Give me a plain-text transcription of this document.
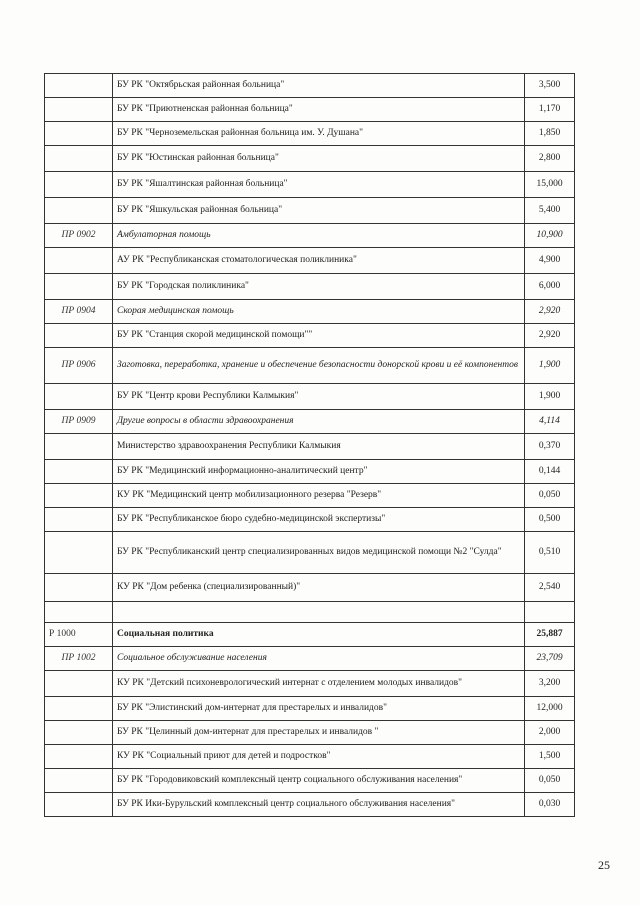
	БУ РК "Октябрьская районная больница"	3,500
	БУ РК "Приютненская районная больница"	1,170
	БУ РК "Черноземельская районная больница им. У. Душана"	1,850
	БУ РК "Юстинская районная больница"	2,800
	БУ РК "Яшалтинская районная больница"	15,000
	БУ РК "Яшкульская районная больница"	5,400
ПР 0902	Амбулаторная помощь	10,900
	АУ РК "Республиканская стоматологическая поликлиника"	4,900
	БУ РК "Городская поликлиника"	6,000
ПР 0904	Скорая медицинская помощь	2,920
	БУ РК "Станция скорой медицинской помощи""	2,920
ПР 0906	Заготовка, переработка, хранение и обеспечение безопасности донорской крови и её компонентов	1,900
	БУ РК "Центр крови Республики Калмыкия"	1,900
ПР 0909	Другие вопросы в области здравоохранения	4,114
	Министерство здравоохранения Республики Калмыкия	0,370
	БУ РК "Медицинский информационно-аналитический центр"	0,144
	КУ РК "Медицинский центр мобилизационного резерва "Резерв"	0,050
	БУ РК "Республиканское бюро судебно-медицинской экспертизы"	0,500
	БУ РК "Республиканский центр специализированных видов медицинской помощи №2 "Сулда"	0,510
	КУ РК "Дом ребенка (специализированный)"	2,540

Р 1000	Социальная политика	25,887
ПР 1002	Социальное обслуживание населения	23,709
	КУ РК "Детский психоневрологический интернат с отделением молодых инвалидов"	3,200
	БУ РК "Элистинский дом-интернат для престарелых и инвалидов"	12,000
	БУ РК "Целинный дом-интернат для престарелых и инвалидов "	2,000
	КУ РК "Социальный приют для детей и подростков"	1,500
	БУ РК "Городовиковский комплексный центр социального обслуживания населения"	0,050
	БУ РК Ики-Бурульский комплексный центр социального обслуживания населения"	0,030
25
